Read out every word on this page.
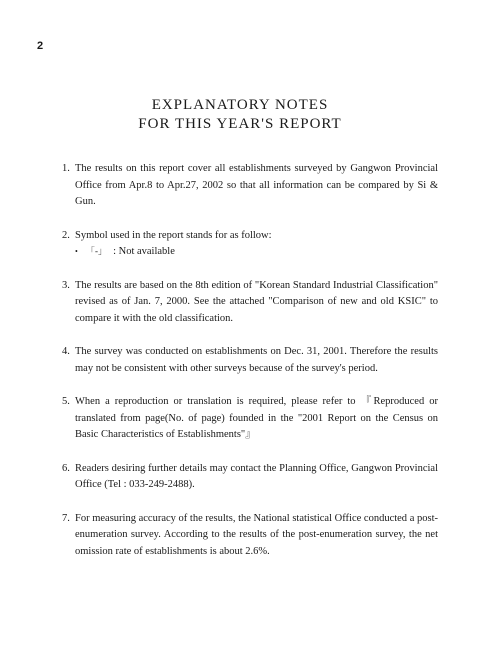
2
EXPLANATORY NOTES
FOR THIS YEAR'S REPORT
1. The results on this report cover all establishments surveyed by Gangwon Provincial Office from Apr.8 to Apr.27, 2002 so that all information can be compared by Si & Gun.
2. Symbol used in the report stands for as follow:
• 「-」 : Not available
3. The results are based on the 8th edition of "Korean Standard Industrial Classification" revised as of Jan. 7, 2000. See the attached "Comparison of new and old KSIC" to compare it with the old classification.
4. The survey was conducted on establishments on Dec. 31, 2001. Therefore the results may not be consistent with other surveys because of the survey's period.
5. When a reproduction or translation is required, please refer to 『Reproduced or translated from page(No. of page) founded in the "2001 Report on the Census on Basic Characteristics of Establishments"』
6. Readers desiring further details may contact the Planning Office, Gangwon Provincial Office (Tel : 033-249-2488).
7. For measuring accuracy of the results, the National statistical Office conducted a post-enumeration survey. According to the results of the post-enumeration survey, the net omission rate of establishments is about 2.6%.
